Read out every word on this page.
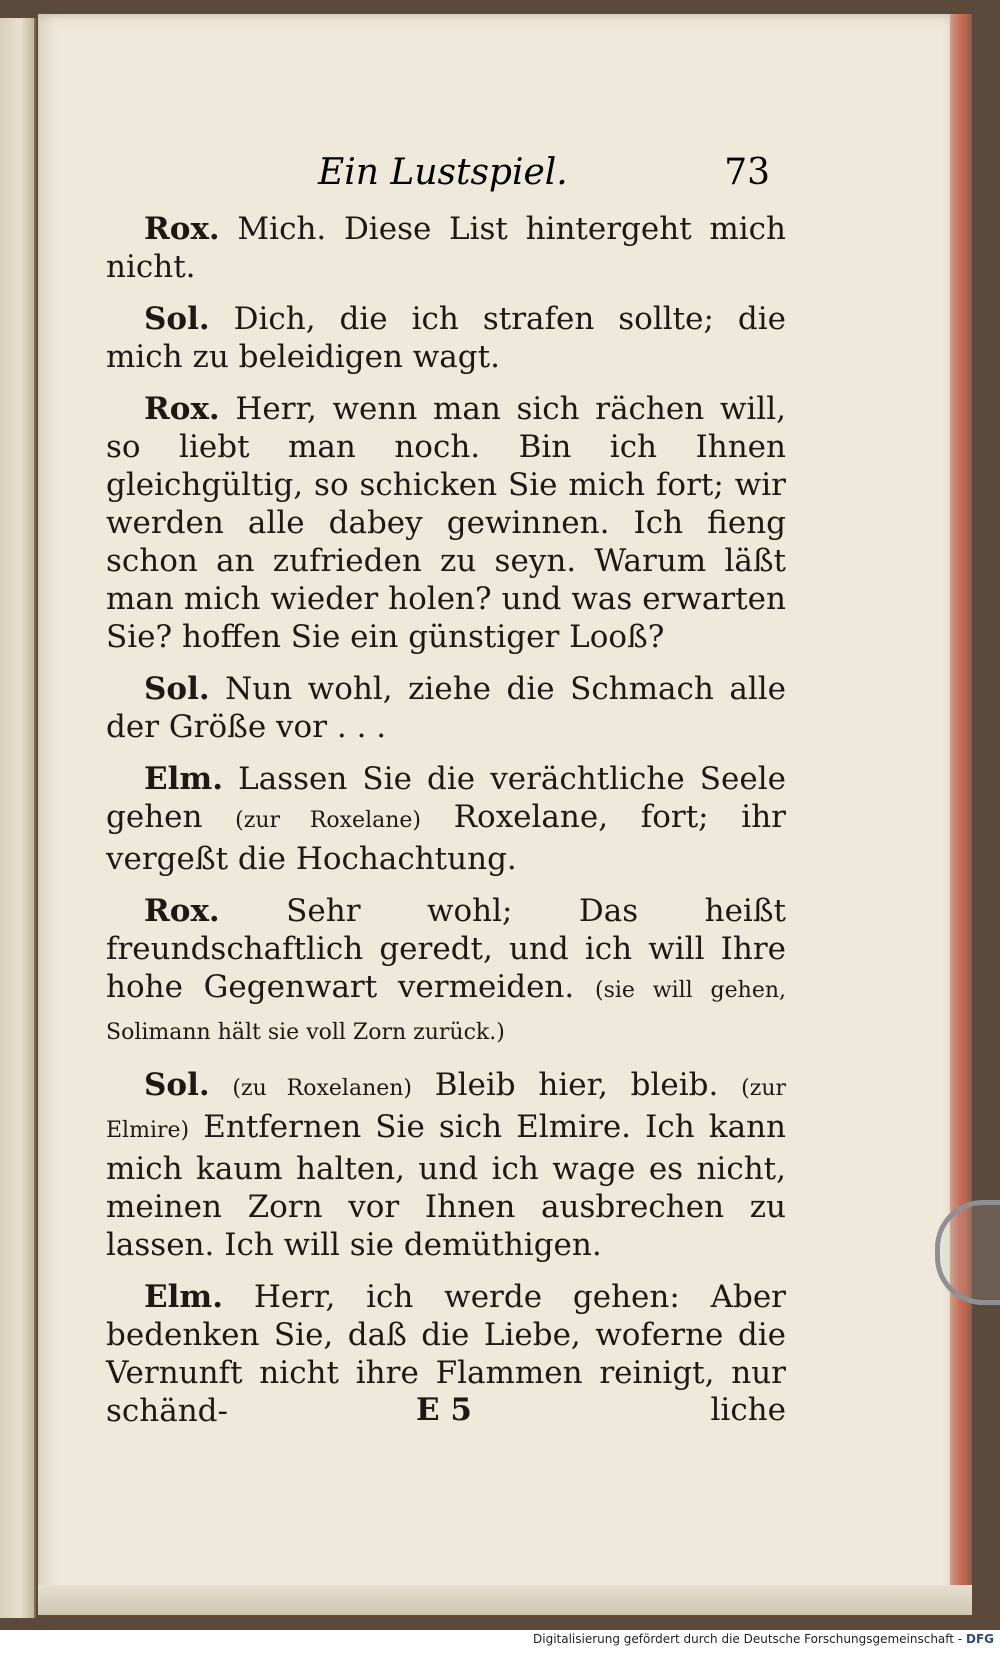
Ein Lustspiel.	73

Rox. Mich. Diese List hintergeht mich nicht.

Sol. Dich, die ich strafen sollte; die mich zu beleidigen wagt.

Rox. Herr, wenn man sich rächen will, so liebt man noch. Bin ich Ihnen gleichgültig, so schicken Sie mich fort; wir werden alle dabey gewinnen. Ich fieng schon an zufrieden zu seyn. Warum läßt man mich wieder holen? und was erwarten Sie? hoffen Sie ein günstiger Looß?

Sol. Nun wohl, ziehe die Schmach alle der Größe vor . . .

Elm. Lassen Sie die verächtliche Seele gehen (zur Roxelane) Roxelane, fort; ihr vergeßt die Hochachtung.

Rox. Sehr wohl; Das heißt freundschaftlich geredt, und ich will Ihre hohe Gegenwart vermeiden. (sie will gehen, Solimann hält sie voll Zorn zurück.)

Sol. (zu Roxelanen) Bleib hier, bleib. (zur Elmire) Entfernen Sie sich Elmire. Ich kann mich kaum halten, und ich wage es nicht, meinen Zorn vor Ihnen ausbrechen zu lassen. Ich will sie demüthigen.

Elm. Herr, ich werde gehen: Aber bedenken Sie, daß die Liebe, woferne die Vernunft nicht ihre Flammen reinigt, nur schänd-	E 5	liche
Digitalisierung gefördert durch die Deutsche Forschungsgemeinschaft - DFG
